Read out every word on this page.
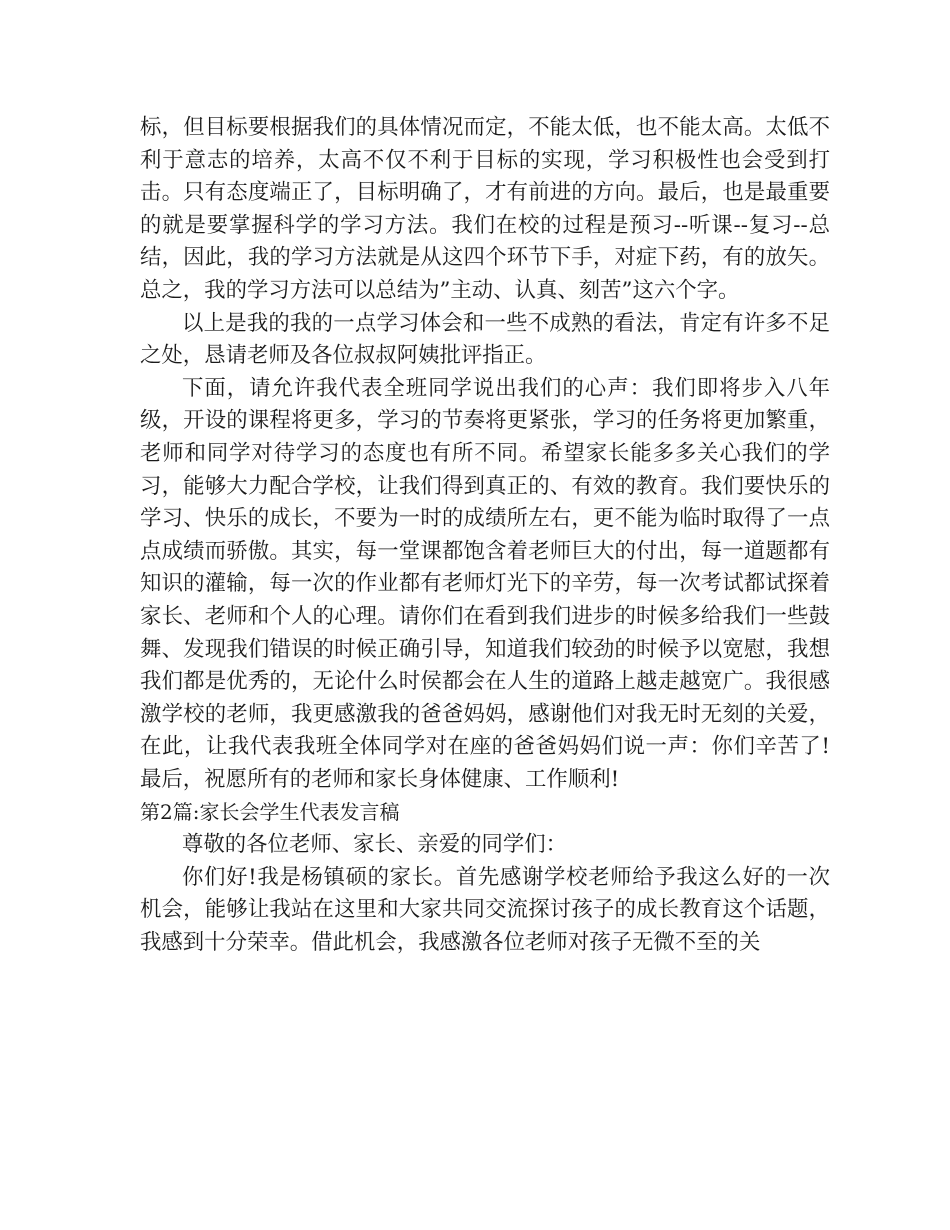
标，但目标要根据我们的具体情况而定，不能太低，也不能太高。太低不利于意志的培养，太高不仅不利于目标的实现，学习积极性也会受到打击。只有态度端正了，目标明确了，才有前进的方向。最后，也是最重要的就是要掌握科学的学习方法。我们在校的过程是预习--听课--复习--总结，因此，我的学习方法就是从这四个环节下手，对症下药，有的放矢。总之，我的学习方法可以总结为”主动、认真、刻苦”这六个字。

以上是我的我的一点学习体会和一些不成熟的看法，肯定有许多不足之处，恳请老师及各位叔叔阿姨批评指正。

下面，请允许我代表全班同学说出我们的心声：我们即将步入八年级，开设的课程将更多，学习的节奏将更紧张，学习的任务将更加繁重，老师和同学对待学习的态度也有所不同。希望家长能多多关心我们的学习，能够大力配合学校，让我们得到真正的、有效的教育。我们要快乐的学习、快乐的成长，不要为一时的成绩所左右，更不能为临时取得了一点点成绩而骄傲。其实，每一堂课都饱含着老师巨大的付出，每一道题都有知识的灌输，每一次的作业都有老师灯光下的辛劳，每一次考试都试探着家长、老师和个人的心理。请你们在看到我们进步的时候多给我们一些鼓舞、发现我们错误的时候正确引导，知道我们较劲的时候予以宽慰，我想我们都是优秀的，无论什么时侯都会在人生的道路上越走越宽广。我很感激学校的老师，我更感激我的爸爸妈妈，感谢他们对我无时无刻的关爱，在此，让我代表我班全体同学对在座的爸爸妈妈们说一声：你们辛苦了!最后，祝愿所有的老师和家长身体健康、工作顺利!

第2篇:家长会学生代表发言稿

尊敬的各位老师、家长、亲爱的同学们：

你们好!我是杨镇硕的家长。首先感谢学校老师给予我这么好的一次机会，能够让我站在这里和大家共同交流探讨孩子的成长教育这个话题，我感到十分荣幸。借此机会，我感激各位老师对孩子无微不至的关
